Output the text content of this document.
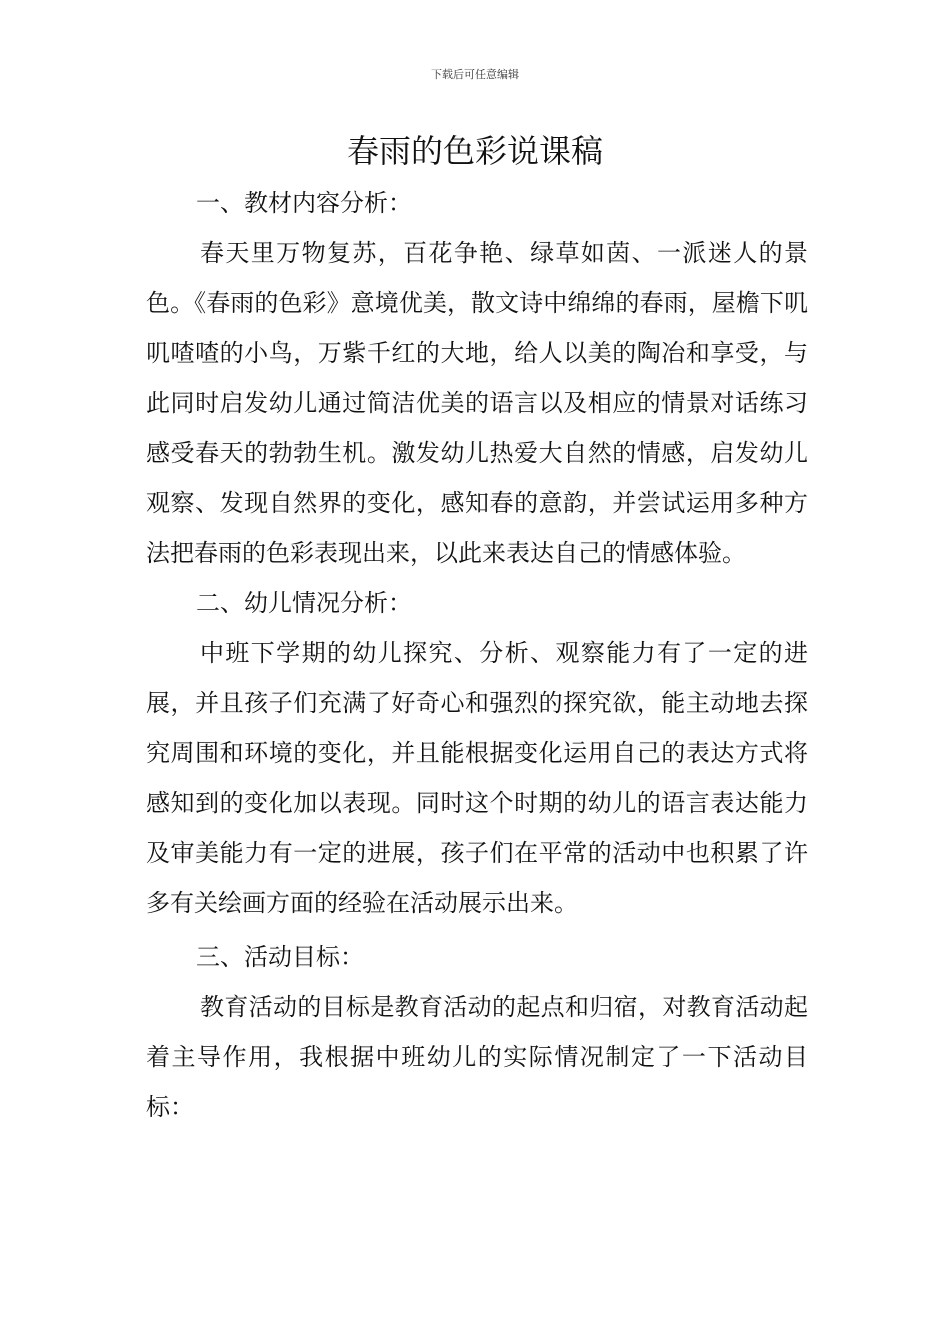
下载后可任意编辑
春雨的色彩说课稿

一、教材内容分析：

春天里万物复苏，百花争艳、绿草如茵、一派迷人的景色。《春雨的色彩》意境优美，散文诗中绵绵的春雨，屋檐下叽叽喳喳的小鸟，万紫千红的大地，给人以美的陶冶和享受，与此同时启发幼儿通过简洁优美的语言以及相应的情景对话练习感受春天的勃勃生机。激发幼儿热爱大自然的情感，启发幼儿观察、发现自然界的变化，感知春的意韵，并尝试运用多种方法把春雨的色彩表现出来，以此来表达自己的情感体验。

二、幼儿情况分析：

中班下学期的幼儿探究、分析、观察能力有了一定的进展，并且孩子们充满了好奇心和强烈的探究欲，能主动地去探究周围和环境的变化，并且能根据变化运用自己的表达方式将感知到的变化加以表现。同时这个时期的幼儿的语言表达能力及审美能力有一定的进展，孩子们在平常的活动中也积累了许多有关绘画方面的经验在活动展示出来。

三、活动目标：

教育活动的目标是教育活动的起点和归宿，对教育活动起着主导作用，我根据中班幼儿的实际情况制定了一下活动目标：
